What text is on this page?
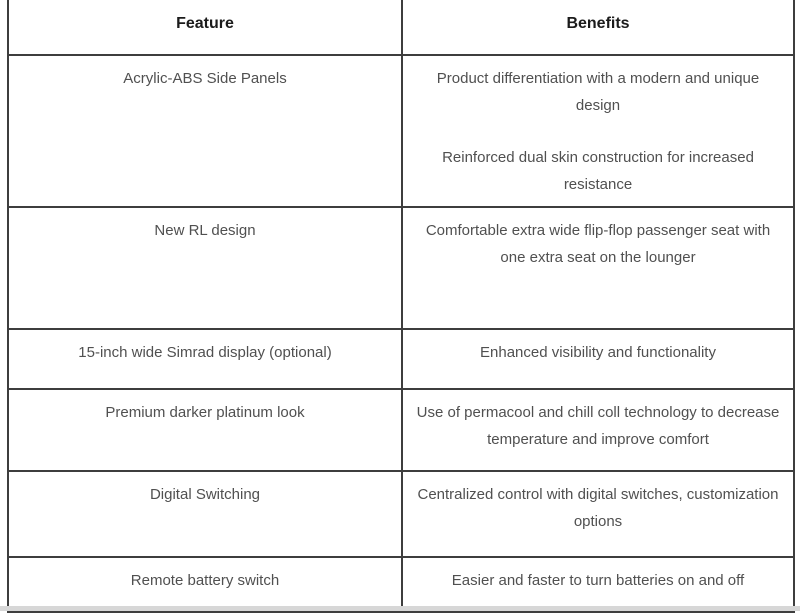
Feature	Benefits

Acrylic-ABS Side Panels	Product differentiation with a modern and unique design

Reinforced dual skin construction for increased resistance

New RL design	Comfortable extra wide flip-flop passenger seat with one extra seat on the lounger

15-inch wide Simrad display (optional)	Enhanced visibility and functionality

Premium darker platinum look	Use of permacool and chill coll technology to decrease temperature and improve comfort

Digital Switching	Centralized control with digital switches, customization options

Remote battery switch	Easier and faster to turn batteries on and off
